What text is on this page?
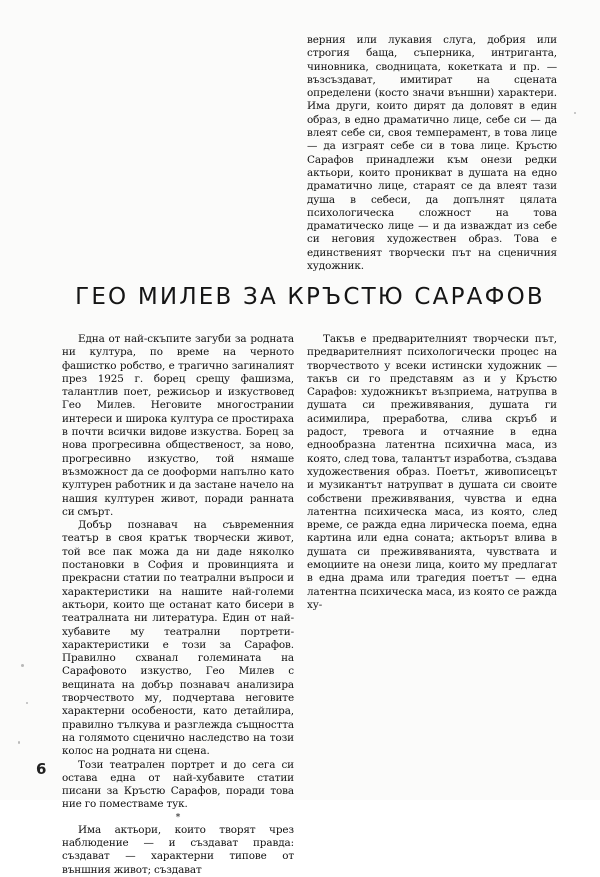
верния или лукавия слуга, добрия или строгия баща, съперника, интриганта, чиновника, сводницата, кокетката и пр. — възсъздават, имитират на сцената определени (косто значи външни) характери. Има други, които дирят да доловят в един образ, в едно драматично лице, себе си — да влеят себе си, своя темперамент, в това лице — да изграят себе си в това лице. Кръстю Сарафов принадлежи към онези редки актьори, които проникват в душата на едно драматично лице, стараят се да влеят тази душа в себеси, да допълнят цялата психологическа сложност на това драматическо лице — и да изваждат из себе си неговия художествен образ. Това е единственият творчески път на сценичния художник.

ГЕО МИЛЕВ ЗА КРЪСТЮ САРАФОВ

Една от най-скъпите загуби за родната ни култура, по време на черното фашистко робство, е трагично загиналият през 1925 г. борец срещу фашизма, талантлив поет, режисьор и изкуствовед Гео Милев. Неговите многострании интереси и широка култура се простираха в почти всички видове изкуства. Борец за нова прогресивна общественост, за ново, прогресивно изкуство, той нямаше възможност да се дооформи напълно като културен работник и да застане начело на нашия културен живот, поради ранната си смърт.

Добър познавач на съвременния театър в своя кратък творчески живот, той все пак можа да ни даде няколко постановки в София и провинцията и прекрасни статии по театрални въпроси и характеристики на нашите най-големи актьори, които ще останат като бисери в театралната ни литература. Един от най-хубавите му театрални портрети-характеристики е този за Сарафов. Правилно схванал големината на Сарафовото изкуство, Гео Милев с вещината на добър познавач анализира творчеството му, подчертава неговите характерни особености, като детайлира, правилно тълкува и разглежда същността на голямото сценично наследство на този колос на родната ни сцена.

Този театрален портрет и до сега си остава една от най-хубавите статии писани за Кръстю Сарафов, поради това ние го поместваме тук.

*

Има актьори, които творят чрез наблюдение — и създават правда: създават — характерни типове от външния живот; създават

Такъв е предварителният творчески път, предварителният психологически процес на творчеството у всеки истински художник — такъв си го представям аз и у Кръстю Сарафов: художникът възприема, натрупва в душата си преживявания, душата ги асимилира, преработва, слива скръб и радост, тревога и отчаяние в една еднообразна латентна психична маса, из която, след това, талантът изработва, създава художествения образ. Поетът, живописецът и музикантът натрупват в душата си своите собствени преживявания, чувства и една латентна психическа маса, из която, след време, се ражда една лирическа поема, една картина или една соната; актьорът влива в душата си преживяванията, чувствата и емоциите на онези лица, които му предлагат в една драма или трагедия поетът — една латентна психическа маса, из която се ражда ху-

6
